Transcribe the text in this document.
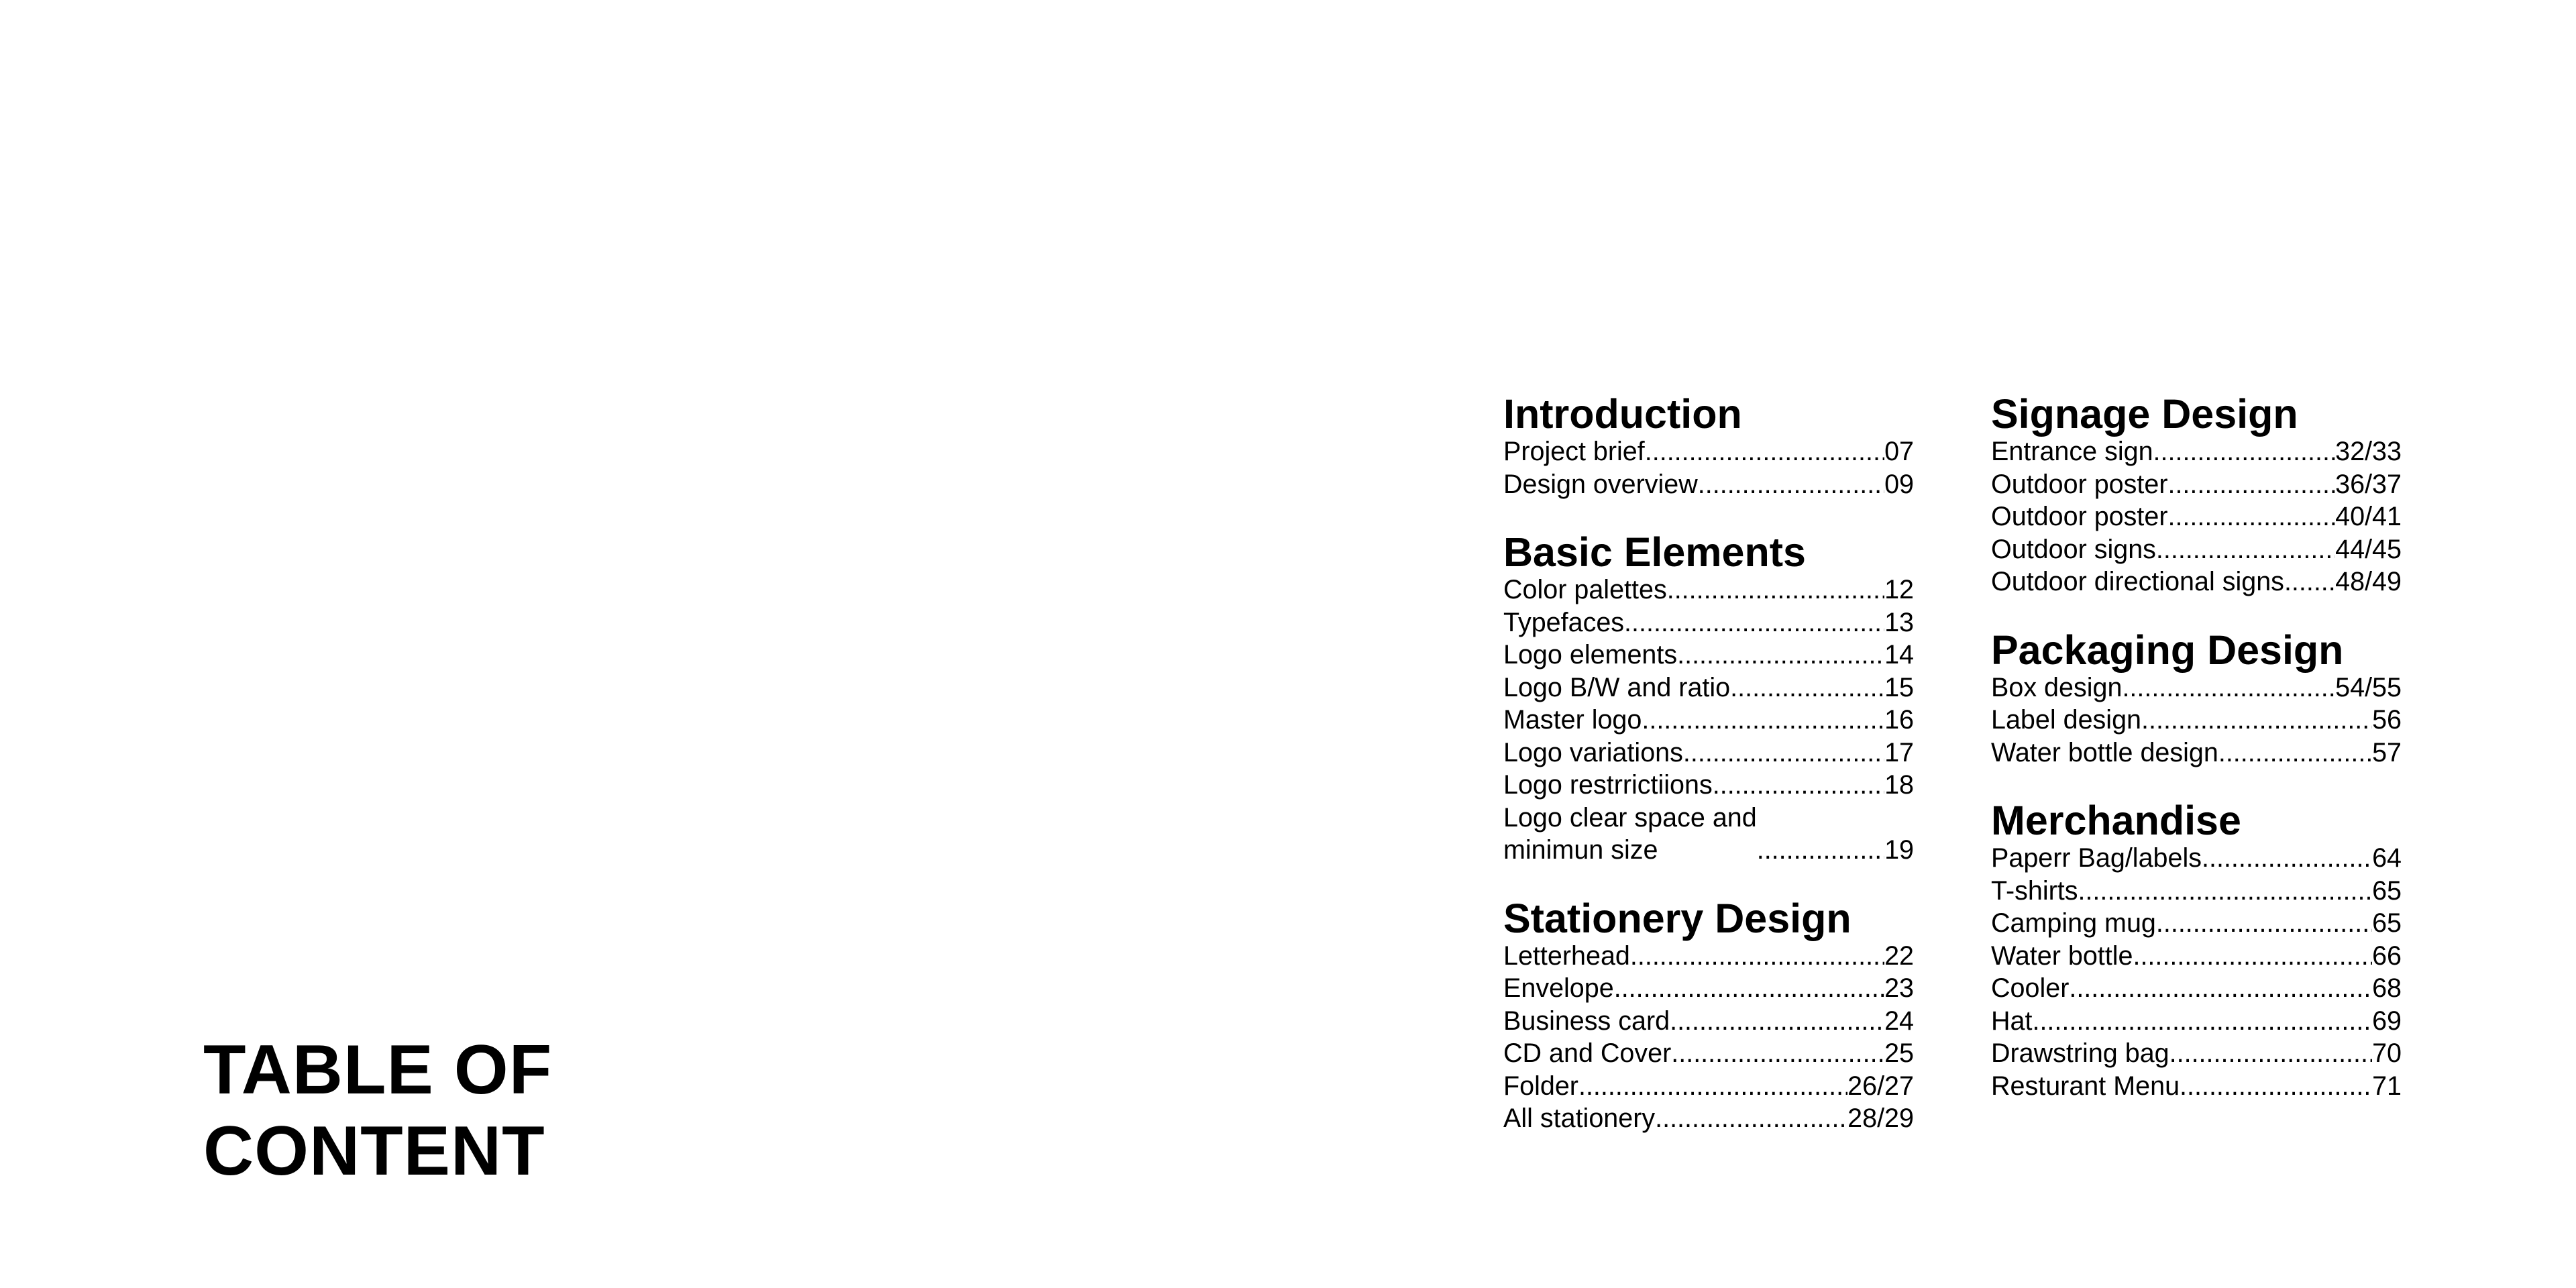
TABLE OF
CONTENT
Introduction
Project brief .....	07
Design overview .....	09
Basic Elements
Color palettes .....	12
Typefaces .....	13
Logo elements .....	14
Logo B/W and ratio .....	15
Master logo .....	16
Logo variations .....	17
Logo restrrictiions .....	18
Logo clear space and
minimun size .....	19
Stationery Design
Letterhead .....	22
Envelope .....	23
Business card .....	24
CD and Cover .....	25
Folder .....	26/27
All stationery .....	28/29
Signage Design
Entrance sign .....	32/33
Outdoor poster .....	36/37
Outdoor poster .....	40/41
Outdoor signs .....	44/45
Outdoor directional signs ..... 48/49
Packaging Design
Box design .....	54/55
Label design .....	56
Water bottle design .....	57
Merchandise
Paperr Bag/labels .....	64
T-shirts .....	65
Camping mug .....	65
Water bottle .....	66
Cooler .....	68
Hat .....	69
Drawstring bag .....	70
Resturant Menu .....	71
